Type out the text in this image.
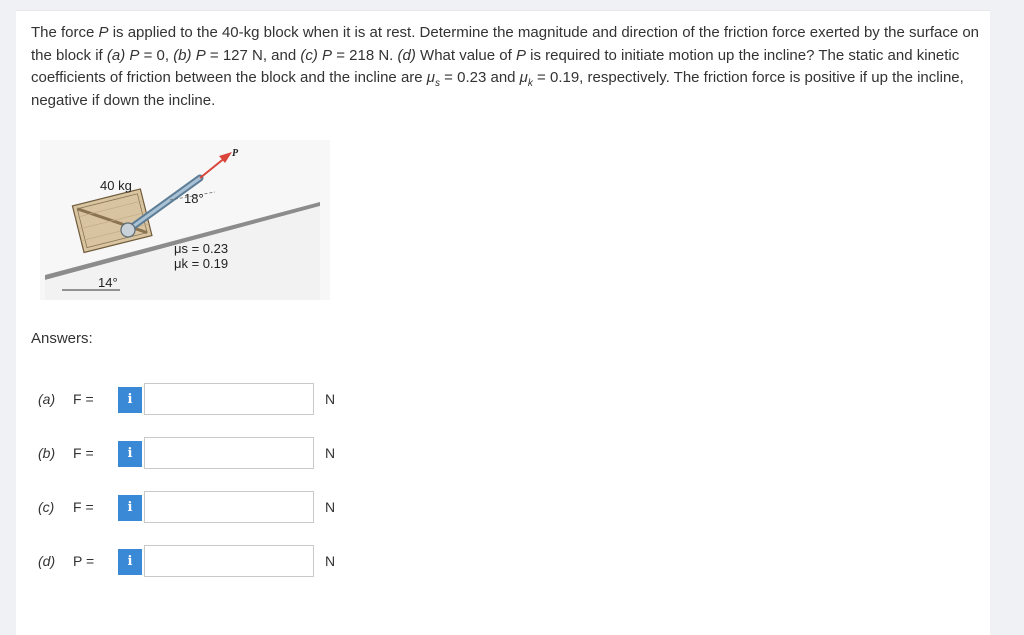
The force P is applied to the 40-kg block when it is at rest. Determine the magnitude and direction of the friction force exerted by the surface on the block if (a) P = 0, (b) P = 127 N, and (c) P = 218 N. (d) What value of P is required to initiate motion up the incline? The static and kinetic coefficients of friction between the block and the incline are $\mu_s = 0.23$ and $\mu_k = 0.19$, respectively. The friction force is positive if up the incline, negative if down the incline.

40 kg
P
18°
14°
μs = 0.23
μk = 0.19
Answers:
(a) F =	i	N
(b) F =	i	N
(c) F =	i	N
(d) P =	i	N
